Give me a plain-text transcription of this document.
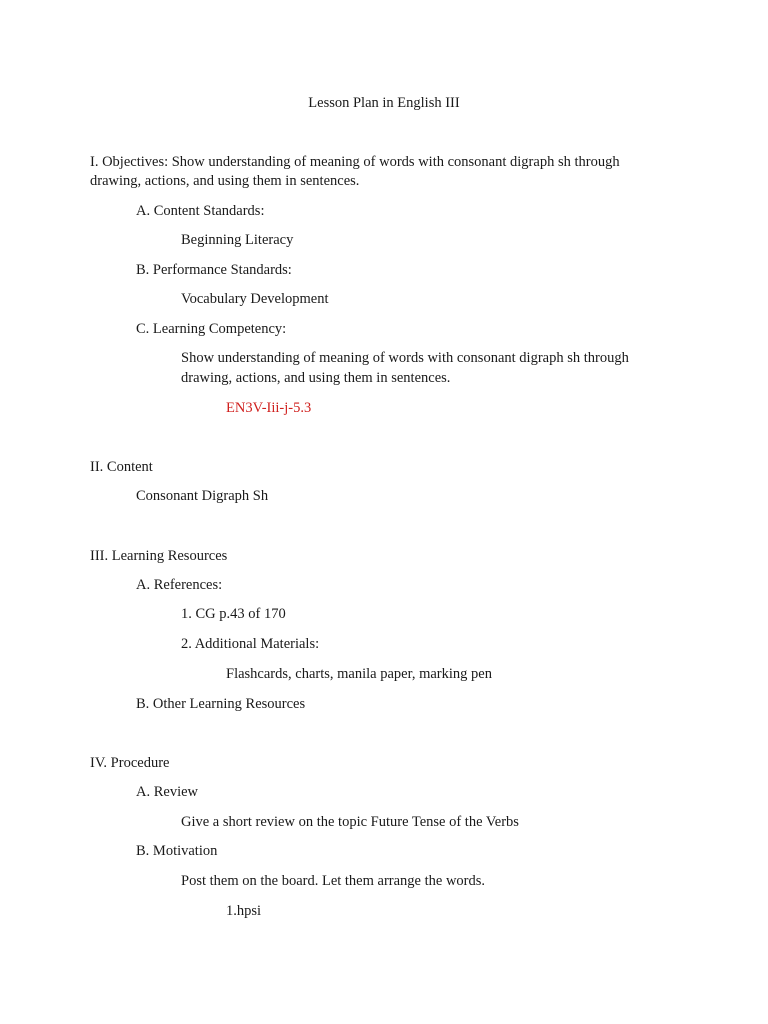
Lesson Plan in English III

I. Objectives: Show understanding of meaning of words with consonant digraph sh through

drawing, actions, and using them in sentences.

A. Content Standards:

Beginning Literacy

B. Performance Standards:

Vocabulary Development

C. Learning Competency:

Show understanding of meaning of words with consonant digraph sh through

drawing, actions, and using them in sentences.

EN3V-Iii-j-5.3

II. Content

Consonant Digraph Sh

III. Learning Resources

A. References:

1. CG p.43 of 170

2. Additional Materials:

Flashcards, charts, manila paper, marking pen

B. Other Learning Resources

IV. Procedure

A. Review

Give a short review on the topic Future Tense of the Verbs

B. Motivation

Post them on the board. Let them arrange the words.

1.hpsi
